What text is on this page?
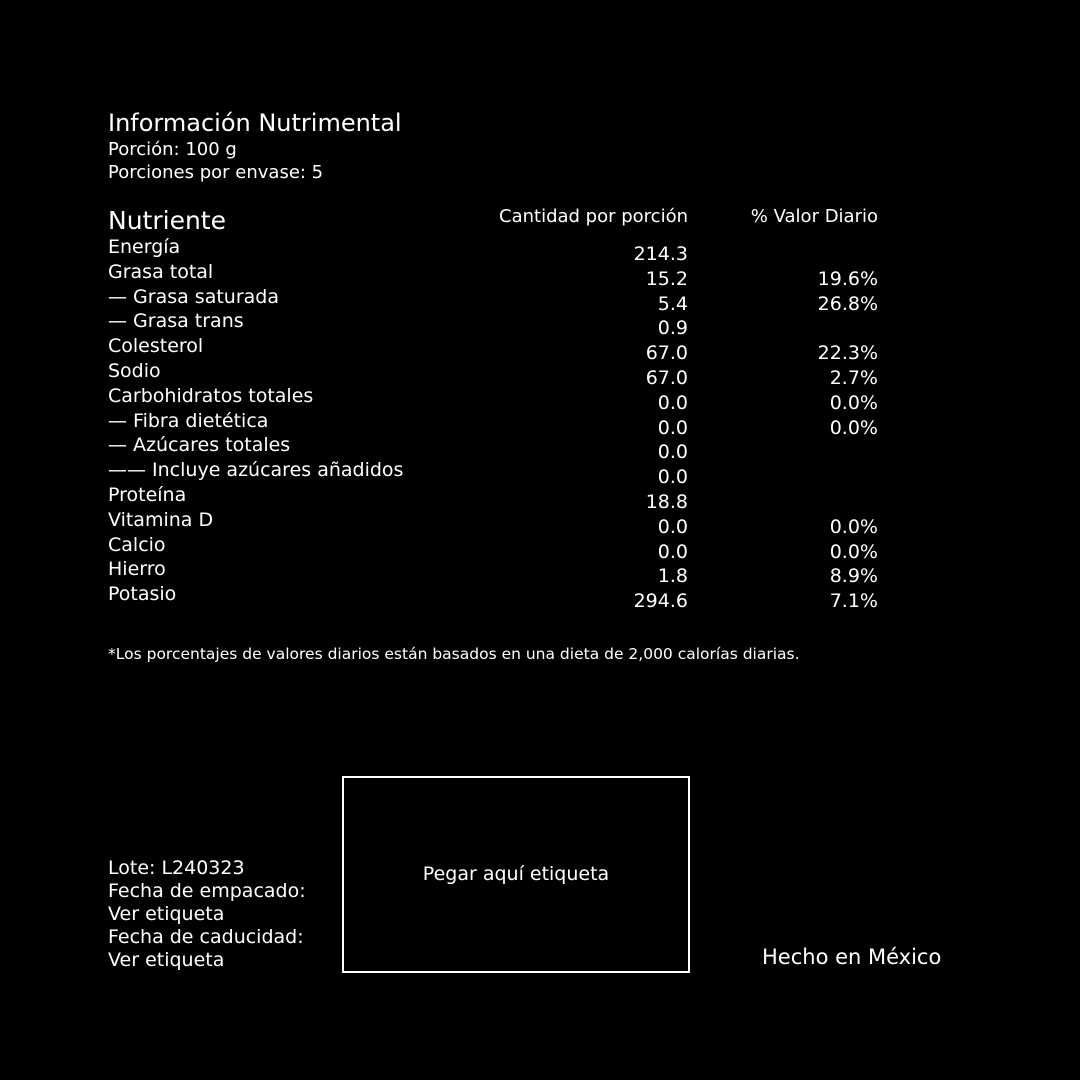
Información Nutrimental
Porción: 100 g
Porciones por envase: 5
Nutriente	Cantidad por porción	% Valor Diario
Energía	214.3
Grasa total	15.2	19.6%
— Grasa saturada	5.4	26.8%
— Grasa trans	0.9
Colesterol	67.0	22.3%
Sodio	67.0	2.7%
Carbohidratos totales	0.0	0.0%
— Fibra dietética	0.0	0.0%
— Azúcares totales	0.0
—— Incluye azúcares añadidos	0.0
Proteína	18.8
Vitamina D	0.0	0.0%
Calcio	0.0	0.0%
Hierro	1.8	8.9%
Potasio	294.6	7.1%
*Los porcentajes de valores diarios están basados en una dieta de 2,000 calorías diarias.
Lote: L240323
Fecha de empacado:
Ver etiqueta
Fecha de caducidad:
Ver etiqueta
Pegar aquí etiqueta
Hecho en México
